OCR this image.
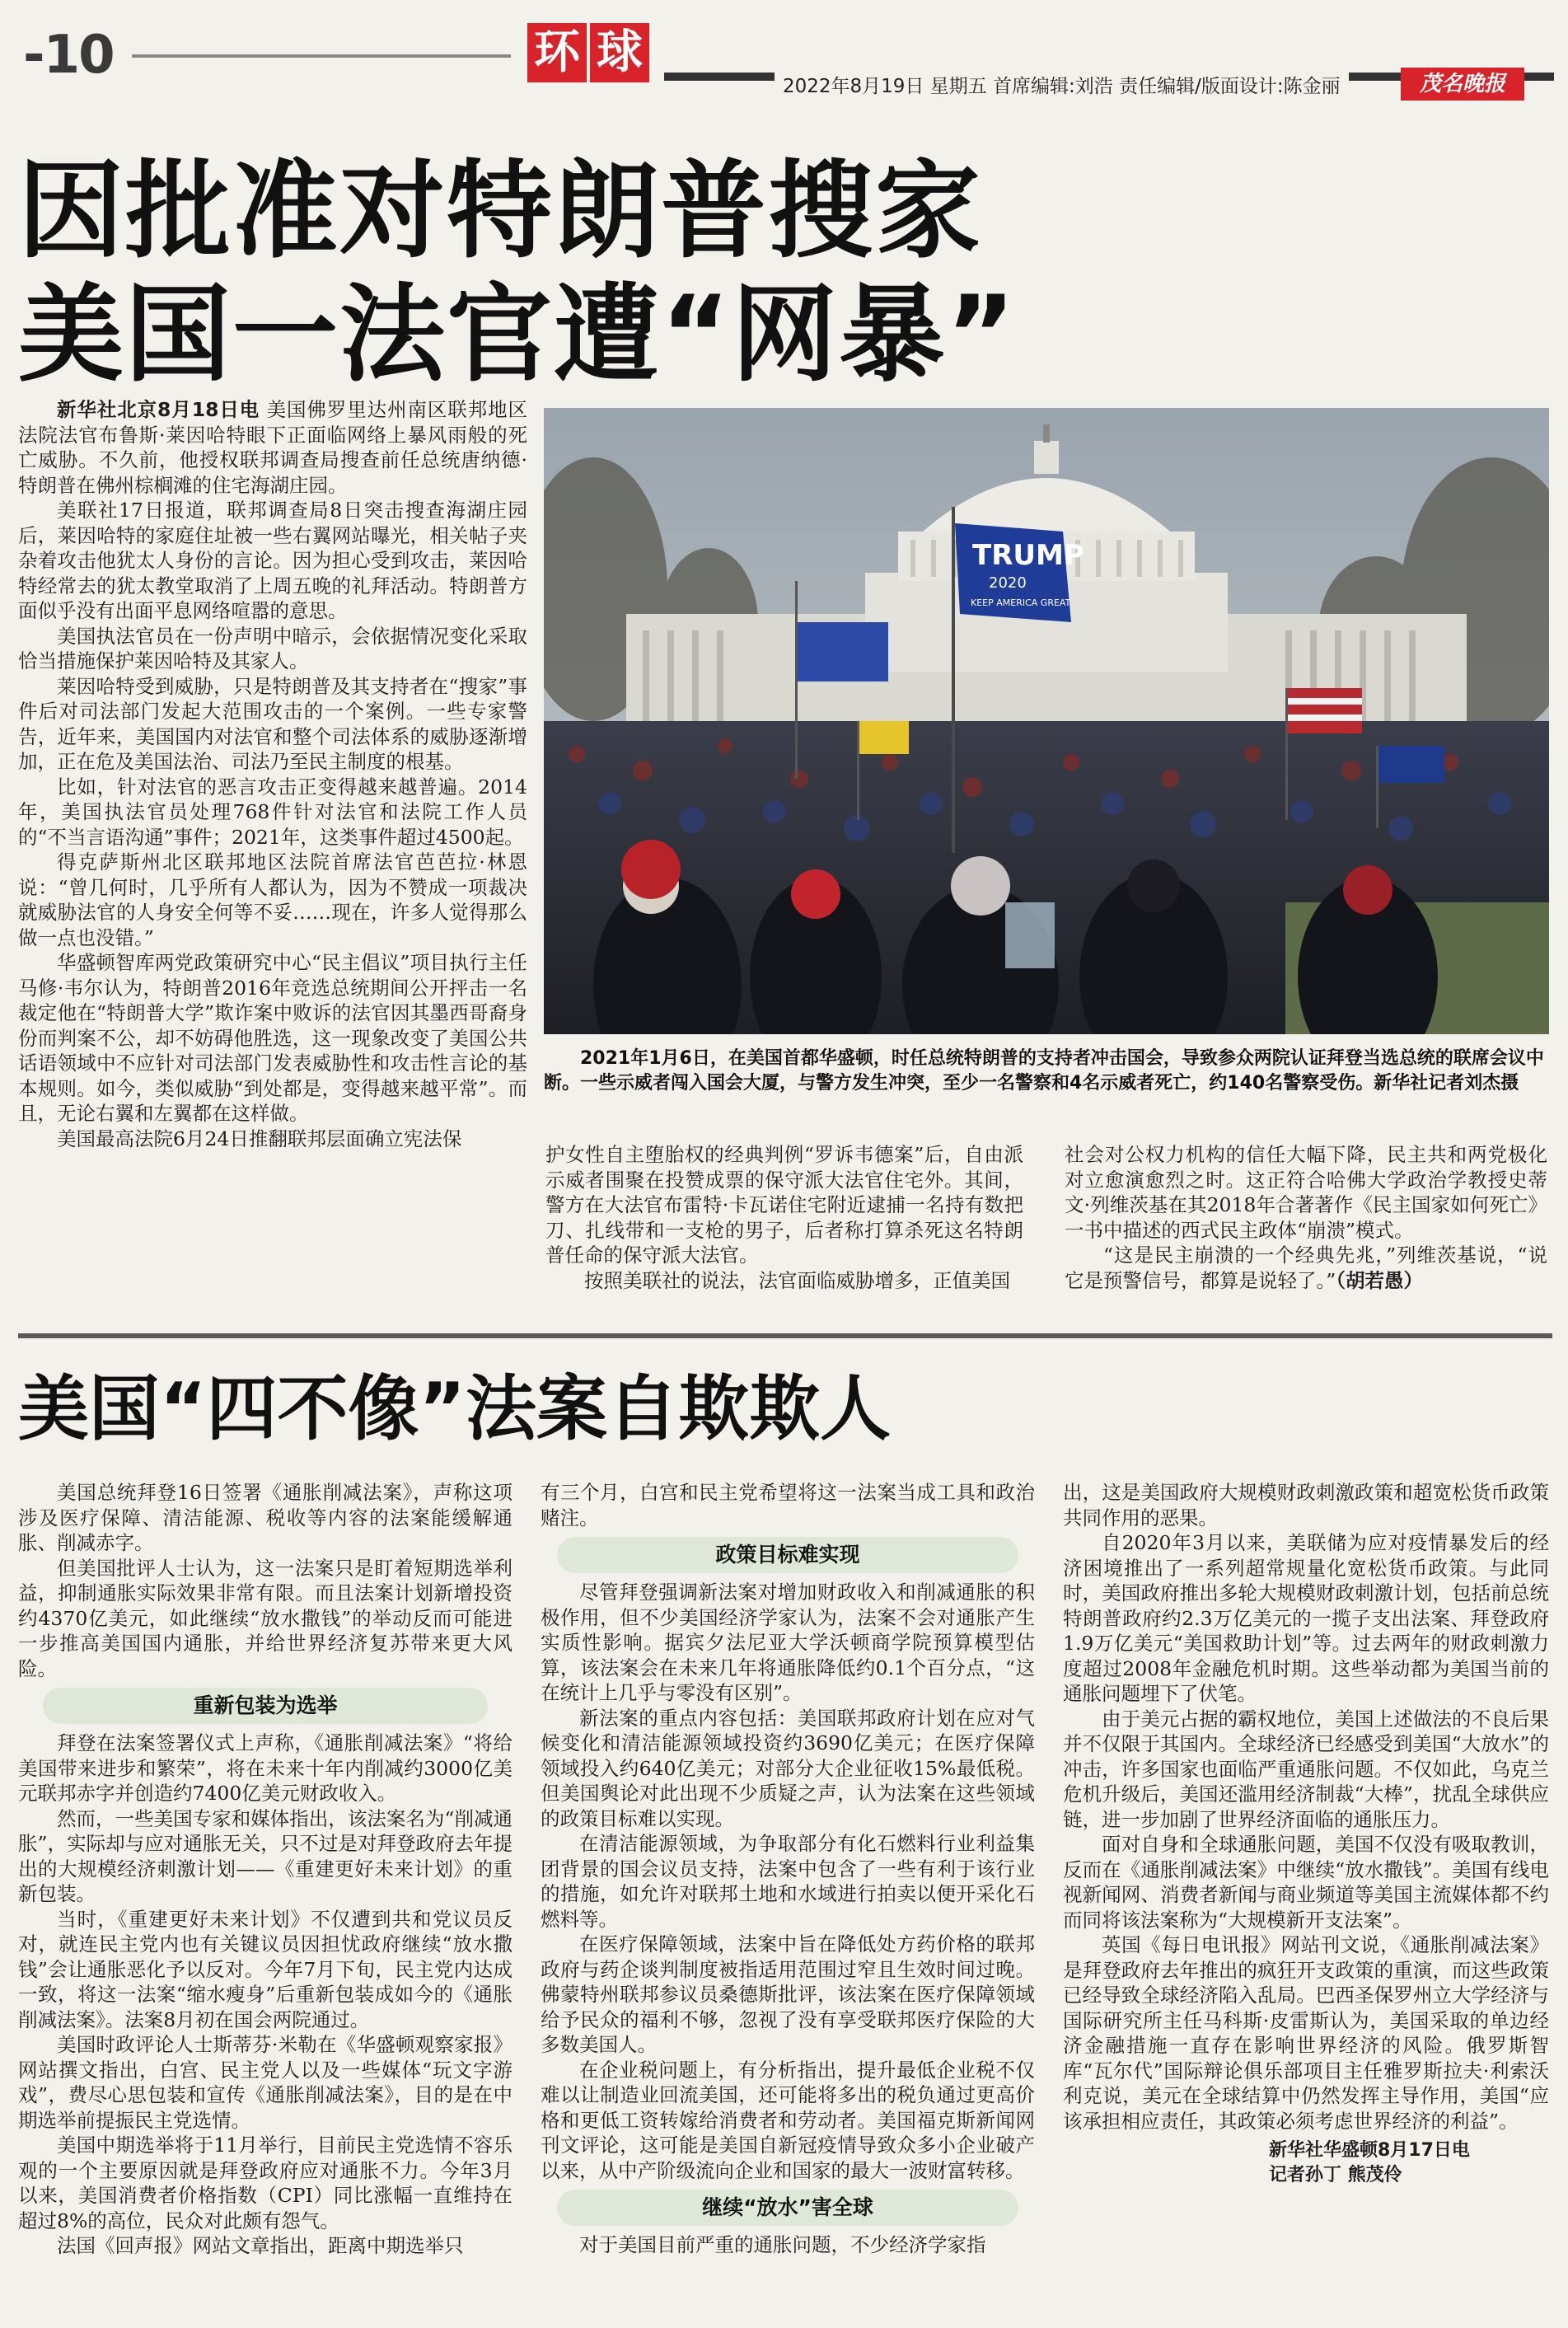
-10	环 球
2022年8月19日 星期五 首席编辑:刘浩 责任编辑/版面设计:陈金丽	茂名晚报
因批准对特朗普搜家
美国一法官遭“网暴”

新华社北京8月18日电 美国佛罗里达州南区联邦地区法院法官布鲁斯·莱因哈特眼下正面临网络上暴风雨般的死亡威胁。不久前，他授权联邦调查局搜查前任总统唐纳德·特朗普在佛州棕榈滩的住宅海湖庄园。

美联社17日报道，联邦调查局8日突击搜查海湖庄园后，莱因哈特的家庭住址被一些右翼网站曝光，相关帖子夹杂着攻击他犹太人身份的言论。因为担心受到攻击，莱因哈特经常去的犹太教堂取消了上周五晚的礼拜活动。特朗普方面似乎没有出面平息网络喧嚣的意思。

美国执法官员在一份声明中暗示，会依据情况变化采取恰当措施保护莱因哈特及其家人。

莱因哈特受到威胁，只是特朗普及其支持者在“搜家”事件后对司法部门发起大范围攻击的一个案例。一些专家警告，近年来，美国国内对法官和整个司法体系的威胁逐渐增加，正在危及美国法治、司法乃至民主制度的根基。

比如，针对法官的恶言攻击正变得越来越普遍。2014年，美国执法官员处理768件针对法官和法院工作人员的“不当言语沟通”事件；2021年，这类事件超过4500起。

得克萨斯州北区联邦地区法院首席法官芭芭拉·林恩说：“曾几何时，几乎所有人都认为，因为不赞成一项裁决就威胁法官的人身安全何等不妥……现在，许多人觉得那么做一点也没错。”

华盛顿智库两党政策研究中心“民主倡议”项目执行主任马修·韦尔认为，特朗普2016年竞选总统期间公开抨击一名裁定他在“特朗普大学”欺诈案中败诉的法官因其墨西哥裔身份而判案不公，却不妨碍他胜选，这一现象改变了美国公共话语领域中不应针对司法部门发表威胁性和攻击性言论的基本规则。如今，类似威胁“到处都是，变得越来越平常”。而且，无论右翼和左翼都在这样做。

美国最高法院6月24日推翻联邦层面确立宪法保

TRUMP
2020
KEEP AMERICA GREAT
2021年1月6日，在美国首都华盛顿，时任总统特朗普的支持者冲击国会，导致参众两院认证拜登当选总统的联席会议中断。一些示威者闯入国会大厦，与警方发生冲突，至少一名警察和4名示威者死亡，约140名警察受伤。新华社记者刘杰摄

护女性自主堕胎权的经典判例“罗诉韦德案”后，自由派示威者围聚在投赞成票的保守派大法官住宅外。其间，警方在大法官布雷特·卡瓦诺住宅附近逮捕一名持有数把刀、扎线带和一支枪的男子，后者称打算杀死这名特朗普任命的保守派大法官。

按照美联社的说法，法官面临威胁增多，正值美国

社会对公权力机构的信任大幅下降，民主共和两党极化对立愈演愈烈之时。这正符合哈佛大学政治学教授史蒂文·列维茨基在其2018年合著著作《民主国家如何死亡》一书中描述的西式民主政体“崩溃”模式。

“这是民主崩溃的一个经典先兆，”列维茨基说，“说它是预警信号，都算是说轻了。”（胡若愚）

美国“四不像”法案自欺欺人

美国总统拜登16日签署《通胀削减法案》，声称这项涉及医疗保障、清洁能源、税收等内容的法案能缓解通胀、削减赤字。

但美国批评人士认为，这一法案只是盯着短期选举利益，抑制通胀实际效果非常有限。而且法案计划新增投资约4370亿美元，如此继续“放水撒钱”的举动反而可能进一步推高美国国内通胀，并给世界经济复苏带来更大风险。

重新包装为选举

拜登在法案签署仪式上声称，《通胀削减法案》“将给美国带来进步和繁荣”，将在未来十年内削减约3000亿美元联邦赤字并创造约7400亿美元财政收入。

然而，一些美国专家和媒体指出，该法案名为“削减通胀”，实际却与应对通胀无关，只不过是对拜登政府去年提出的大规模经济刺激计划——《重建更好未来计划》的重新包装。

当时，《重建更好未来计划》不仅遭到共和党议员反对，就连民主党内也有关键议员因担忧政府继续“放水撒钱”会让通胀恶化予以反对。今年7月下旬，民主党内达成一致，将这一法案“缩水瘦身”后重新包装成如今的《通胀削减法案》。法案8月初在国会两院通过。

美国时政评论人士斯蒂芬·米勒在《华盛顿观察家报》网站撰文指出，白宫、民主党人以及一些媒体“玩文字游戏”，费尽心思包装和宣传《通胀削减法案》，目的是在中期选举前提振民主党选情。

美国中期选举将于11月举行，目前民主党选情不容乐观的一个主要原因就是拜登政府应对通胀不力。今年3月以来，美国消费者价格指数（CPI）同比涨幅一直维持在超过8%的高位，民众对此颇有怨气。

法国《回声报》网站文章指出，距离中期选举只

有三个月，白宫和民主党希望将这一法案当成工具和政治赌注。

政策目标难实现

尽管拜登强调新法案对增加财政收入和削减通胀的积极作用，但不少美国经济学家认为，法案不会对通胀产生实质性影响。据宾夕法尼亚大学沃顿商学院预算模型估算，该法案会在未来几年将通胀降低约0.1个百分点，“这在统计上几乎与零没有区别”。

新法案的重点内容包括：美国联邦政府计划在应对气候变化和清洁能源领域投资约3690亿美元；在医疗保障领域投入约640亿美元；对部分大企业征收15%最低税。但美国舆论对此出现不少质疑之声，认为法案在这些领域的政策目标难以实现。

在清洁能源领域，为争取部分有化石燃料行业利益集团背景的国会议员支持，法案中包含了一些有利于该行业的措施，如允许对联邦土地和水域进行拍卖以便开采化石燃料等。

在医疗保障领域，法案中旨在降低处方药价格的联邦政府与药企谈判制度被指适用范围过窄且生效时间过晚。佛蒙特州联邦参议员桑德斯批评，该法案在医疗保障领域给予民众的福利不够，忽视了没有享受联邦医疗保险的大多数美国人。

在企业税问题上，有分析指出，提升最低企业税不仅难以让制造业回流美国，还可能将多出的税负通过更高价格和更低工资转嫁给消费者和劳动者。美国福克斯新闻网刊文评论，这可能是美国自新冠疫情导致众多小企业破产以来，从中产阶级流向企业和国家的最大一波财富转移。

继续“放水”害全球

对于美国目前严重的通胀问题，不少经济学家指

出，这是美国政府大规模财政刺激政策和超宽松货币政策共同作用的恶果。

自2020年3月以来，美联储为应对疫情暴发后的经济困境推出了一系列超常规量化宽松货币政策。与此同时，美国政府推出多轮大规模财政刺激计划，包括前总统特朗普政府约2.3万亿美元的一揽子支出法案、拜登政府1.9万亿美元“美国救助计划”等。过去两年的财政刺激力度超过2008年金融危机时期。这些举动都为美国当前的通胀问题埋下了伏笔。

由于美元占据的霸权地位，美国上述做法的不良后果并不仅限于其国内。全球经济已经感受到美国“大放水”的冲击，许多国家也面临严重通胀问题。不仅如此，乌克兰危机升级后，美国还滥用经济制裁“大棒”，扰乱全球供应链，进一步加剧了世界经济面临的通胀压力。

面对自身和全球通胀问题，美国不仅没有吸取教训，反而在《通胀削减法案》中继续“放水撒钱”。美国有线电视新闻网、消费者新闻与商业频道等美国主流媒体都不约而同将该法案称为“大规模新开支法案”。

英国《每日电讯报》网站刊文说，《通胀削减法案》是拜登政府去年推出的疯狂开支政策的重演，而这些政策已经导致全球经济陷入乱局。巴西圣保罗州立大学经济与国际研究所主任马科斯·皮雷斯认为，美国采取的单边经济金融措施一直存在影响世界经济的风险。俄罗斯智库“瓦尔代”国际辩论俱乐部项目主任雅罗斯拉夫·利索沃利克说，美元在全球结算中仍然发挥主导作用，美国“应该承担相应责任，其政策必须考虑世界经济的利益”。

新华社华盛顿8月17日电
记者孙丁 熊茂伶
